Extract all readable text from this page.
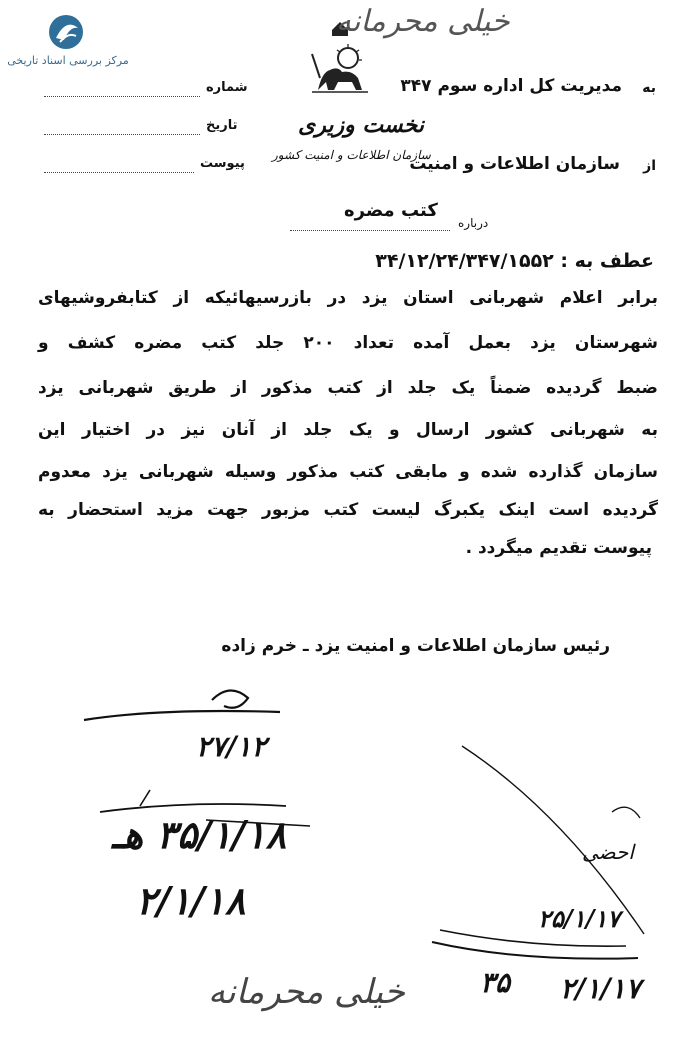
مرکز بررسی اسناد تاریخی
خیلی محرمانه
به
مدیریت کل اداره سوم ۳۴۷
نخست وزیری
از
سازمان اطلاعات و امنیت
سازمان اطلاعات و امنیت کشور
شماره
تاریخ
پیوست
درباره
کتب مضره
عطف به : ۳۴/۱۲/۲۴/۳۴۷/۱۵۵۲
برابر اعلام شهربانی استان یزد در بازرسیهائیکه از کتابفروشیهای
شهرستان یزد بعمل آمده تعداد ۲۰۰ جلد کتب مضره کشف و
ضبط گردیده ضمناً یک جلد از کتب مذکور از طریق شهربانی یزد
به شهربانی کشور ارسال و یک جلد از آنان نیز در اختیار این
سازمان گذارده شده و مابقی کتب مذکور وسیله شهربانی یزد معدوم
گردیده است اینک یکبرگ لیست کتب مزبور جهت مزید استحضار به
پیوست تقدیم میگردد .
رئیس سازمان اطلاعات و امنیت یزد ـ خرم زاده
۲۷/۱۲
۳۵/۱/۱۸ هـ
۲/۱/۱۸
احضی
۲۵/۱/۱۷
۳۵ ۲/۱/۱۷
خیلی محرمانه
